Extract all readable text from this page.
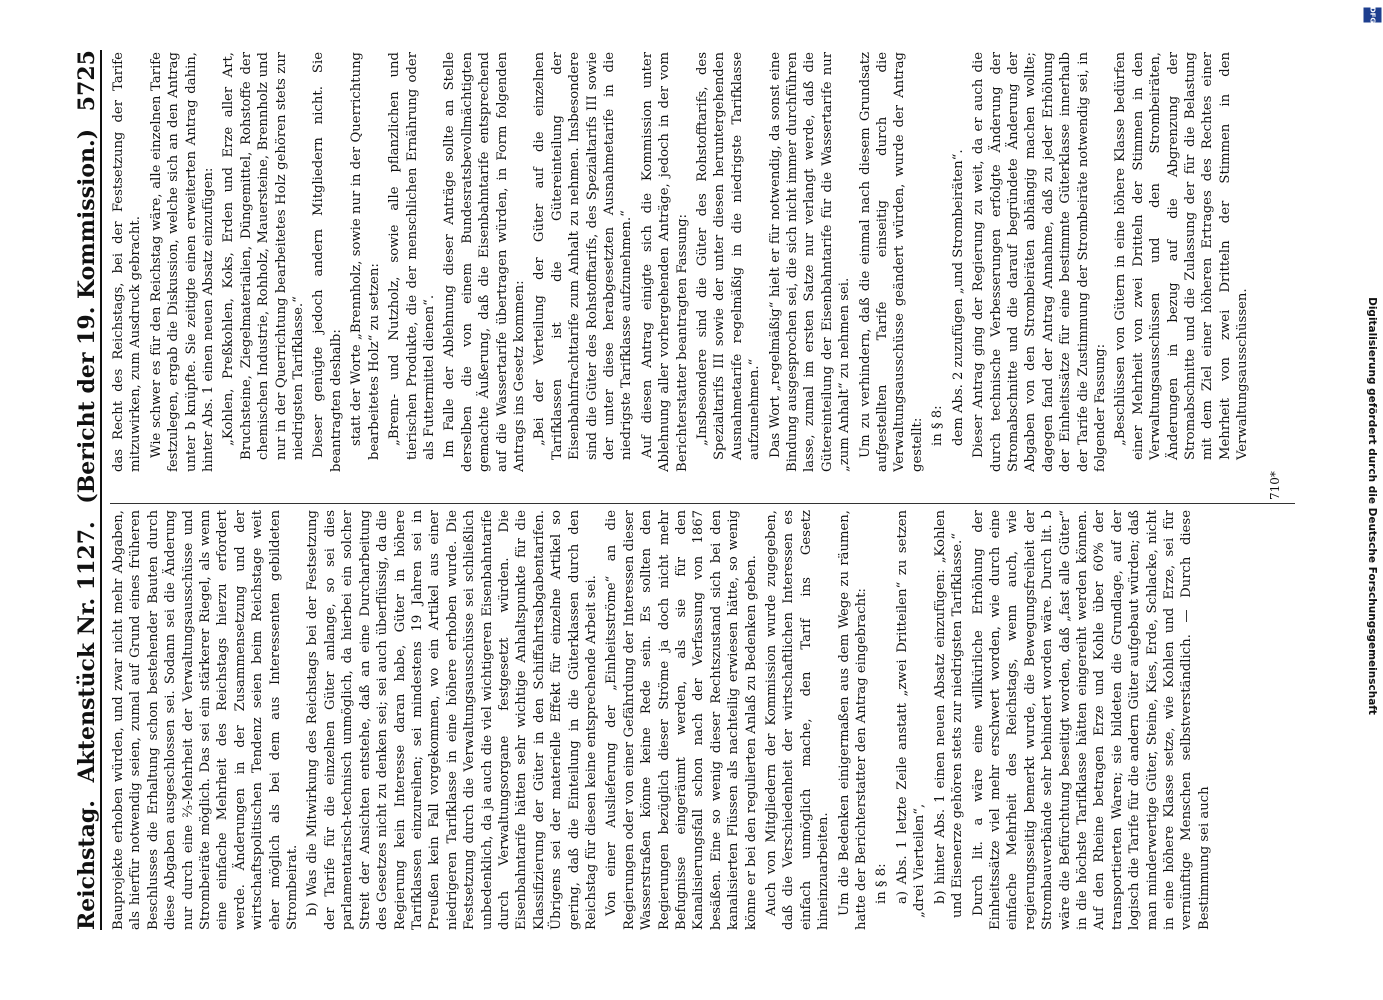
Reichstag.
Aktenstück Nr. 1127.
(Bericht der 19. Kommission.)
5725

Bauprojekte erhoben würden, und zwar nicht mehr Abgaben, als hierfür notwendig seien, zumal auf Grund eines früheren Beschlusses die Erhaltung schon bestehender Bauten durch diese Abgaben ausgeschlossen sei. Sodann sei die Änderung nur durch eine ⅔-Mehrheit der Verwaltungsausschüsse und Strombeiräte möglich. Das sei ein stärkerer Riegel, als wenn eine einfache Mehrheit des Reichstags hierzu erfordert werde. Änderungen in der Zusammensetzung und der wirtschaftspolitischen Tendenz seien beim Reichstage weit eher möglich als bei dem aus Interessenten gebildeten Strombeirat. b) Was die Mitwirkung des Reichstags bei der Festsetzung der Tarife für die einzelnen Güter anlange, so sei dies parlamentarisch-technisch unmöglich, da hierbei ein solcher Streit der Ansichten entstehe, daß an eine Durcharbeitung des Gesetzes nicht zu denken sei; sei auch überflüssig, da die Regierung kein Interesse daran habe, Güter in höhere Tarifklassen einzureihen; sei mindestens 19 Jahren sei in Preußen kein Fall vorgekommen, wo ein Artikel aus einer niedrigeren Tarifklasse in eine höhere erhoben wurde. Die Festsetzung durch die Verwaltungsausschüsse sei schließlich unbedenklich, da ja auch die viel wichtigeren Eisenbahntarife durch Verwaltungsorgane festgesetzt würden. Die Eisenbahntarife hätten sehr wichtige Anhaltspunkte für die Klassifizierung der Güter in den Schiffahrtsabgabentarifen. Übrigens sei der materielle Effekt für einzelne Artikel so gering, daß die Einteilung in die Güterklassen durch den Reichstag für diesen keine entsprechende Arbeit sei. Von einer Auslieferung der „Einheitsströme“ an die Regierungen oder von einer Gefährdung der Interessen dieser Wasserstraßen könne keine Rede sein. Es sollten den Regierungen bezüglich dieser Ströme ja doch nicht mehr Befugnisse eingeräumt werden, als sie für den Kanalisierungsfall schon nach der Verfassung von 1867 besäßen. Eine so wenig dieser Rechtszustand sich bei den kanalisierten Flüssen als nachteilig erwiesen hätte, so wenig könne er bei den regulierten Anlaß zu Bedenken geben. Auch von Mitgliedern der Kommission wurde zugegeben, daß die Verschiedenheit der wirtschaftlichen Interessen es einfach unmöglich mache, den Tarif ins Gesetz hineinzuarbeiten. Um die Bedenken einigermaßen aus dem Wege zu räumen, hatte der Berichterstatter den Antrag eingebracht: in § 8: a) Abs. 1 letzte Zeile anstatt „zwei Dritteilen“ zu setzen „drei Vierteilen“, b) hinter Abs. 1 einen neuen Absatz einzufügen: „Kohlen und Eisenerze gehören stets zur niedrigsten Tarifklasse.“ Durch lit. a wäre eine willkürliche Erhöhung der Einheitssätze viel mehr erschwert worden, wie durch eine einfache Mehrheit des Reichstags, wenn auch, wie regierungsseitig bemerkt wurde, die Bewegungsfreiheit der Strombauverbände sehr behindert worden wäre. Durch lit. b wäre die Befürchtung beseitigt worden, daß „fast alle Güter“ in die höchste Tarifklasse hätten eingereiht werden können. Auf den Rheine betragen Erze und Kohle über 60% der transportierten Waren; sie bildeten die Grundlage, auf der logisch die Tarife für die andern Güter aufgebaut würden; daß man minderwertige Güter, Steine, Kies, Erde, Schlacke, nicht in eine höhere Klasse setze, wie Kohlen und Erze, sei für vernünftige Menschen selbstverständlich. — Durch diese Bestimmung sei auch

das Recht des Reichstags, bei der Festsetzung der Tarife mitzuwirken, zum Ausdruck gebracht. Wie schwer es für den Reichstag wäre, alle einzelnen Tarife festzulegen, ergab die Diskussion, welche sich an den Antrag unter b knüpfte. Sie zeitigte einen erweiterten Antrag dahin, hinter Abs. 1 einen neuen Absatz einzufügen: „Kohlen, Preßkohlen, Koks, Erden und Erze aller Art, Bruchsteine, Ziegelmaterialien, Düngemittel, Rohstoffe der chemischen Industrie, Rohholz, Mauersteine, Brennholz und nur in der Querrichtung bearbeitetes Holz gehören stets zur niedrigsten Tarifklasse.“ Dieser genügte jedoch andern Mitgliedern nicht. Sie beantragten deshalb: statt der Worte „Brennholz, sowie nur in der Querrichtung bearbeitetes Holz“ zu setzen: „Brenn- und Nutzholz, sowie alle pflanzlichen und tierischen Produkte, die der menschlichen Ernährung oder als Futtermittel dienen“. Im Falle der Ablehnung dieser Anträge sollte an Stelle derselben die von einem Bundesratsbevollmächtigten gemachte Äußerung, daß die Eisenbahntarife entsprechend auf die Wassertarife übertragen würden, in Form folgenden Antrags ins Gesetz kommen: „Bei der Verteilung der Güter auf die einzelnen Tarifklassen ist die Gütereinteilung der Eisenbahnfrachttarife zum Anhalt zu nehmen. Insbesondere sind die Güter des Rohstofftarifs, des Spezialtarifs III sowie der unter diese herabgesetzten Ausnahmetarife in die niedrigste Tarifklasse aufzunehmen.“ Auf diesen Antrag einigte sich die Kommission unter Ablehnung aller vorhergehenden Anträge, jedoch in der vom Berichterstatter beantragten Fassung: „Insbesondere sind die Güter des Rohstofftarifs, des Spezialtarifs III sowie der unter diesen heruntergehenden Ausnahmetarife regelmäßig in die niedrigste Tarifklasse aufzunehmen.“ Das Wort „regelmäßig“ hielt er für notwendig, da sonst eine Bindung ausgesprochen sei, die sich nicht immer durchführen lasse, zumal im ersten Satze nur verlangt werde, daß die Gütereinteilung der Eisenbahntarife für die Wassertarife nur „zum Anhalt“ zu nehmen sei. Um zu verhindern, daß die einmal nach diesem Grundsatz aufgestellten Tarife einseitig durch die Verwaltungsausschüsse geändert würden, wurde der Antrag gestellt: in § 8: dem Abs. 2 zuzufügen „und Strombeiräten“. Dieser Antrag ging der Regierung zu weit, da er auch die durch technische Verbesserungen erfolgte Änderung der Stromabschnitte und die darauf begründete Änderung der Abgaben von den Strombeiräten abhängig machen wollte; dagegen fand der Antrag Annahme, daß zu jeder Erhöhung der Einheitssätze für eine bestimmte Güterklasse innerhalb der Tarife die Zustimmung der Strombeiräte notwendig sei, in folgender Fassung: „Beschlüssen von Gütern in eine höhere Klasse bedürfen einer Mehrheit von zwei Dritteln der Stimmen in den Verwaltungsausschüssen und den Strombeiräten, Änderungen in bezug auf die Abgrenzung der Stromabschnitte und die Zulassung der für die Belastung mit dem Ziel einer höheren Ertrages des Rechtes einer Mehrheit von zwei Dritteln der Stimmen in den Verwaltungsausschüssen.

710*
DFG
Digitalisierung gefördert durch die Deutsche Forschungsgemeinschaft
